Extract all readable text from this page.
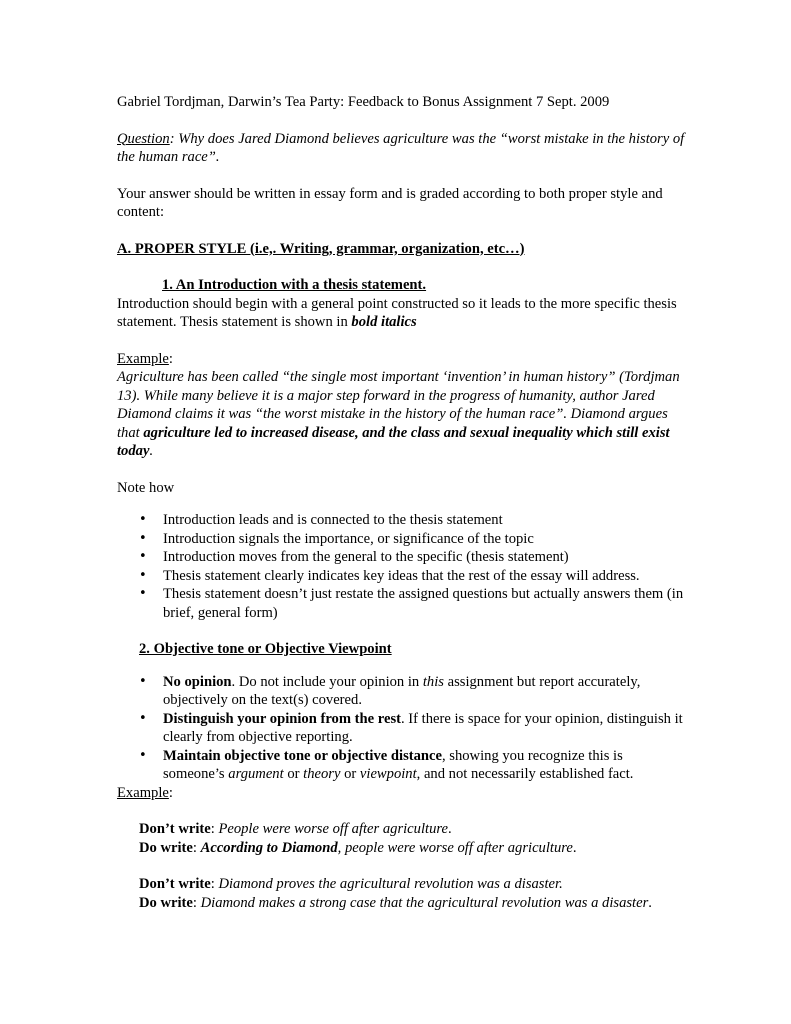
Gabriel Tordjman, Darwin’s Tea Party: Feedback to Bonus Assignment 7 Sept. 2009

Question: Why does Jared Diamond believes agriculture was the “worst mistake in the history of the human race”.

Your answer should be written in essay form and is graded according to both proper style and content:

A. PROPER STYLE (i.e,. Writing, grammar, organization, etc…)

1. An Introduction with a thesis statement.

Introduction should begin with a general point constructed so it leads to the more specific thesis statement. Thesis statement is shown in bold italics

Example:

Agriculture has been called “the single most important ‘invention’ in human history” (Tordjman 13). While many believe it is a major step forward in the progress of humanity, author Jared Diamond claims it was “the worst mistake in the history of the human race”. Diamond argues that agriculture led to increased disease, and the class and sexual inequality which still exist today.

Note how

• Introduction leads and is connected to the thesis statement
• Introduction signals the importance, or significance of the topic
• Introduction moves from the general to the specific (thesis statement)
• Thesis statement clearly indicates key ideas that the rest of the essay will address.
• Thesis statement doesn’t just restate the assigned questions but actually answers them (in brief, general form)

2. Objective tone or Objective Viewpoint

• No opinion. Do not include your opinion in this assignment but report accurately, objectively on the text(s) covered.
• Distinguish your opinion from the rest. If there is space for your opinion, distinguish it clearly from objective reporting.
• Maintain objective tone or objective distance, showing you recognize this is someone’s argument or theory or viewpoint, and not necessarily established fact.

Example:

Don’t write: People were worse off after agriculture.

Do write: According to Diamond, people were worse off after agriculture.

Don’t write: Diamond proves the agricultural revolution was a disaster.

Do write: Diamond makes a strong case that the agricultural revolution was a disaster.
